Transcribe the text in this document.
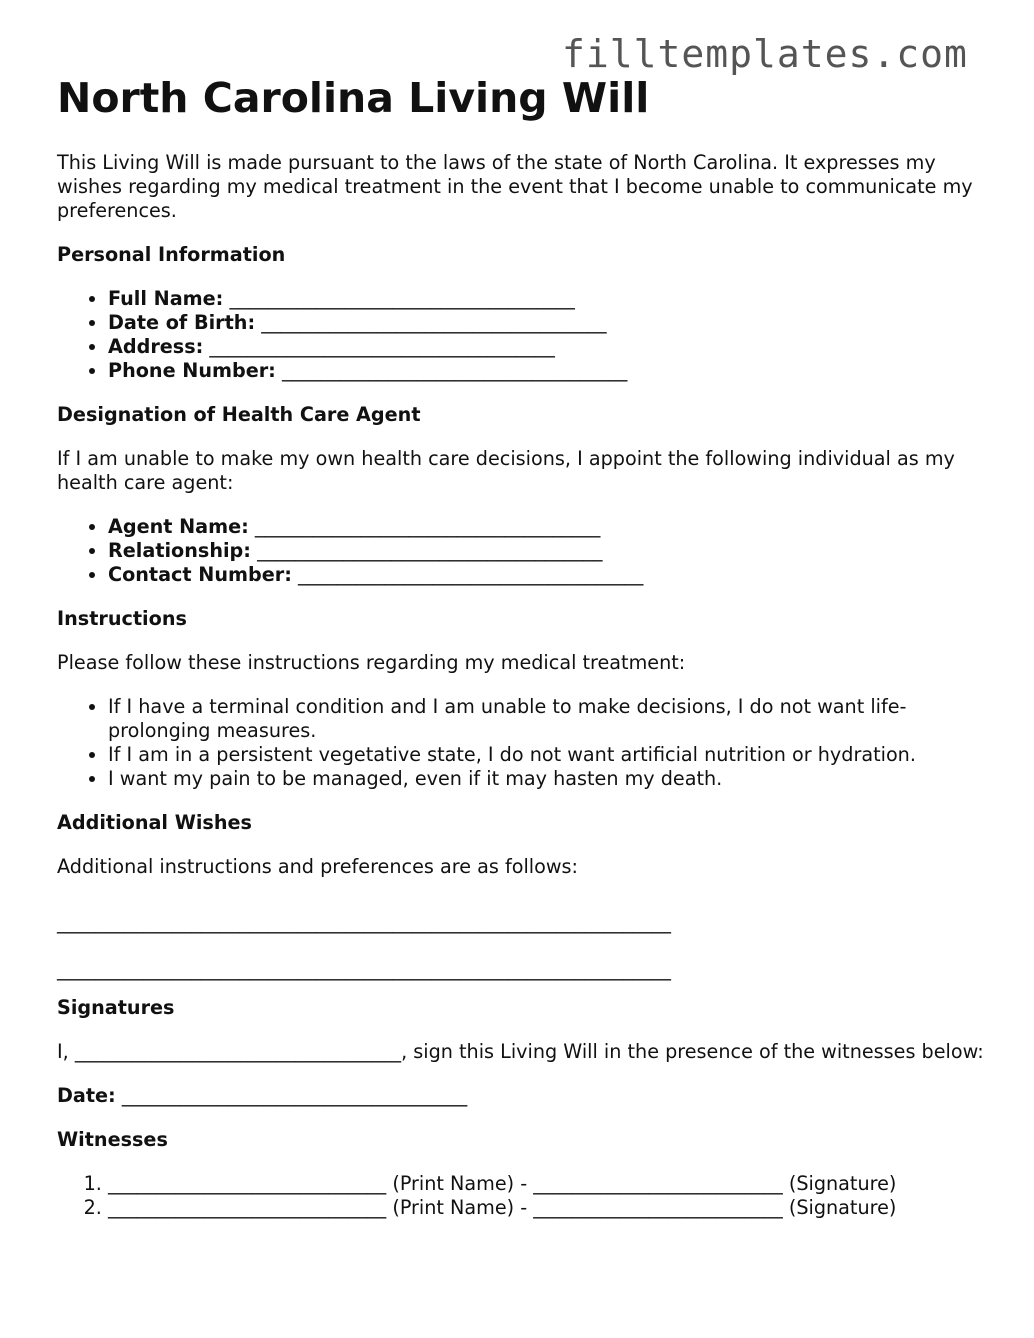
filltemplates.com
North Carolina Living Will

This Living Will is made pursuant to the laws of the state of North Carolina. It expresses my wishes regarding my medical treatment in the event that I become unable to communicate my preferences.

Personal Information
• Full Name: ____________________________________
• Date of Birth: ____________________________________
• Address: ____________________________________
• Phone Number: ____________________________________
Designation of Health Care Agent

If I am unable to make my own health care decisions, I appoint the following individual as my health care agent:

• Agent Name: ____________________________________
• Relationship: ____________________________________
• Contact Number: ____________________________________
Instructions

Please follow these instructions regarding my medical treatment:

• If I have a terminal condition and I am unable to make decisions, I do not want life-prolonging measures.
• If I am in a persistent vegetative state, I do not want artificial nutrition or hydration.
• I want my pain to be managed, even if it may hasten my death.
Additional Wishes

Additional instructions and preferences are as follows:

________________________________________________________________

________________________________________________________________

Signatures

I, __________________________________, sign this Living Will in the presence of the witnesses below:

Date: ____________________________________

Witnesses
1. _____________________________ (Print Name) - __________________________ (Signature)
2. _____________________________ (Print Name) - __________________________ (Signature)
